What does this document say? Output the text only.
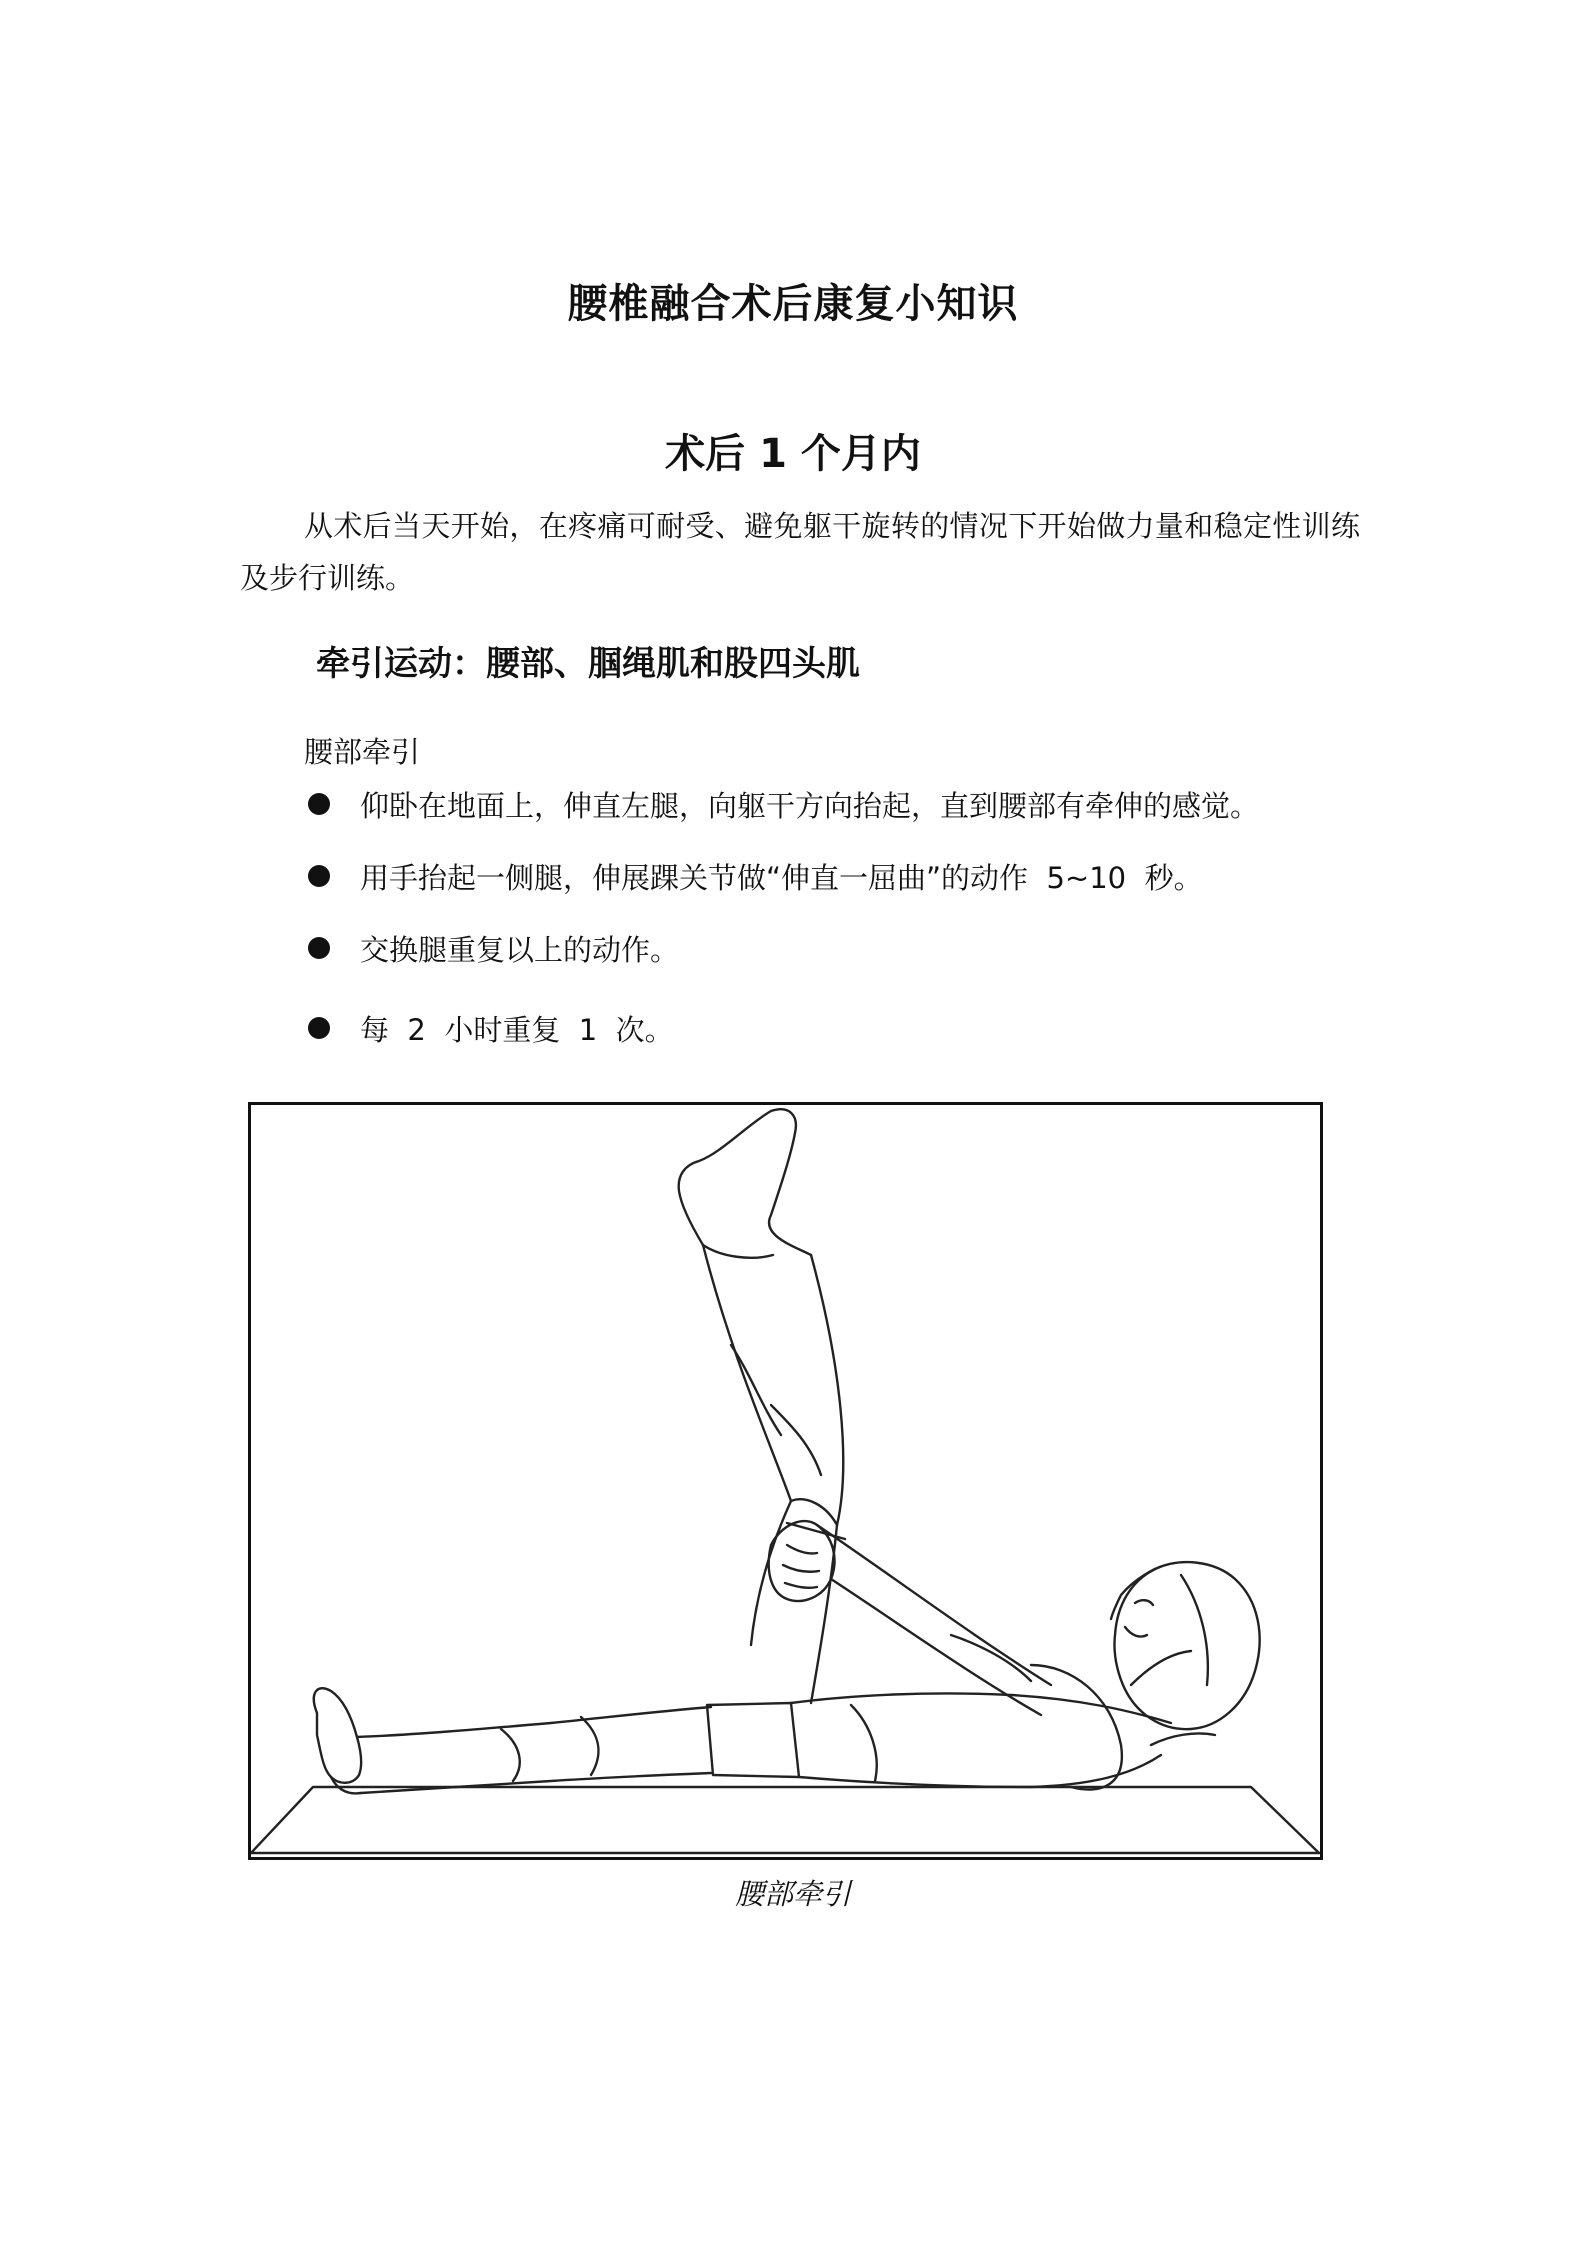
腰椎融合术后康复小知识
术后 1 个月内

从术后当天开始，在疼痛可耐受、避免躯干旋转的情况下开始做力量和稳定性训练及步行训练。

牵引运动：腰部、腘绳肌和股四头肌
腰部牵引
仰卧在地面上，伸直左腿，向躯干方向抬起，直到腰部有牵伸的感觉。
用手抬起一侧腿，伸展踝关节做“伸直一屈曲”的动作  5~10  秒。
交换腿重复以上的动作。
每  2  小时重复  1  次。
腰部牵引
